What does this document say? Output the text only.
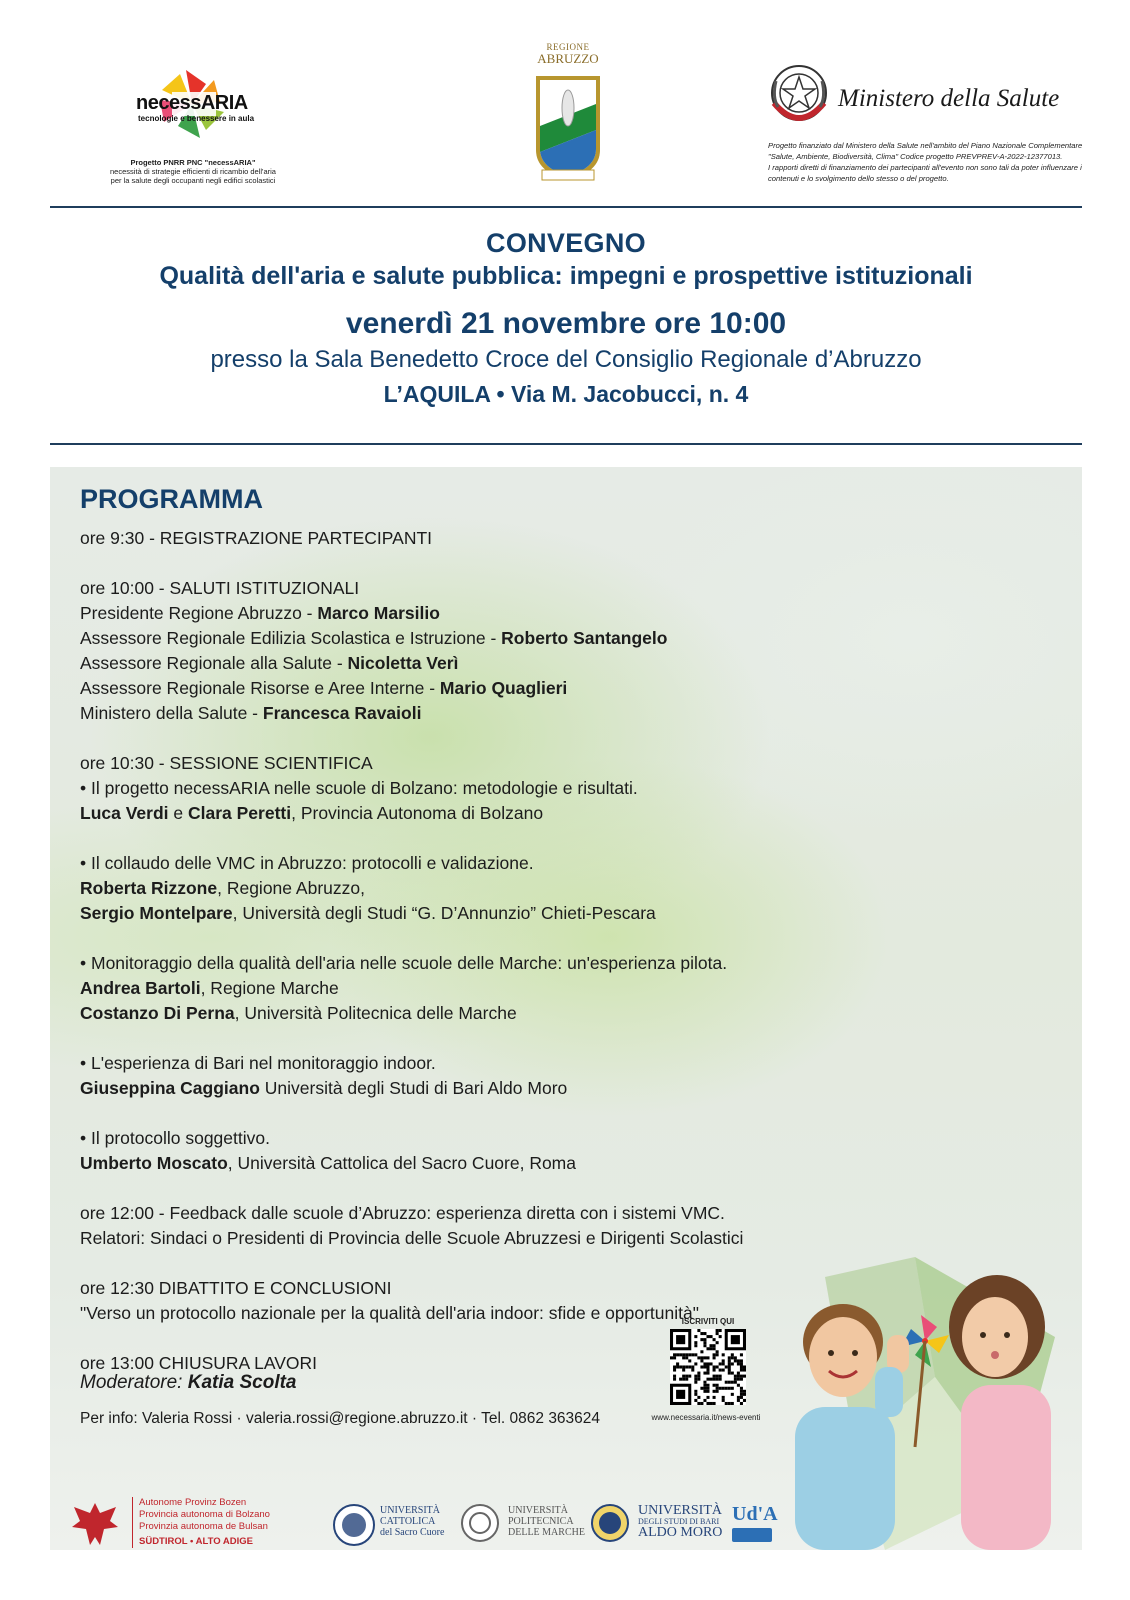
necessARIA
tecnologie e benessere in aula
Progetto PNRR PNC "necessARIA"
necessità di strategie efficienti di ricambio dell'aria
per la salute degli occupanti negli edifici scolastici
REGIONE
ABRUZZO
Ministero della Salute
Progetto finanziato dal Ministero della Salute nell'ambito del Piano Nazionale Complementare
"Salute, Ambiente, Biodiversità, Clima" Codice progetto PREVPREV-A-2022-12377013.
I rapporti diretti di finanziamento dei partecipanti all'evento non sono tali da poter influenzare i
contenuti e lo svolgimento dello stesso o del progetto.
CONVEGNO
Qualità dell'aria e salute pubblica: impegni e prospettive istituzionali
venerdì 21 novembre ore 10:00
presso la Sala Benedetto Croce del Consiglio Regionale d’Abruzzo
L’AQUILA • Via M. Jacobucci, n. 4
PROGRAMMA
ore 9:30 - REGISTRAZIONE PARTECIPANTI
ore 10:00 - SALUTI ISTITUZIONALI
Presidente Regione Abruzzo - Marco Marsilio
Assessore Regionale Edilizia Scolastica e Istruzione - Roberto Santangelo
Assessore Regionale alla Salute - Nicoletta Verì
Assessore Regionale Risorse e Aree Interne - Mario Quaglieri
Ministero della Salute - Francesca Ravaioli
ore 10:30 - SESSIONE SCIENTIFICA
• Il progetto necessARIA nelle scuole di Bolzano: metodologie e risultati.
Luca Verdi e Clara Peretti, Provincia Autonoma di Bolzano
• Il collaudo delle VMC in Abruzzo: protocolli e validazione.
Roberta Rizzone, Regione Abruzzo,
Sergio Montelpare, Università degli Studi “G. D’Annunzio” Chieti-Pescara
• Monitoraggio della qualità dell'aria nelle scuole delle Marche: un'esperienza pilota.
Andrea Bartoli, Regione Marche
Costanzo Di Perna, Università Politecnica delle Marche
• L'esperienza di Bari nel monitoraggio indoor.
Giuseppina Caggiano Università degli Studi di Bari Aldo Moro
• Il protocollo soggettivo.
Umberto Moscato, Università Cattolica del Sacro Cuore, Roma
ore 12:00 - Feedback dalle scuole d’Abruzzo: esperienza diretta con i sistemi VMC.
Relatori: Sindaci o Presidenti di Provincia delle Scuole Abruzzesi e Dirigenti Scolastici
ore 12:30 DIBATTITO E CONCLUSIONI
"Verso un protocollo nazionale per la qualità dell'aria indoor: sfide e opportunità"
ore 13:00 CHIUSURA LAVORI
Moderatore: Katia Scolta
Per info: Valeria Rossi · valeria.rossi@regione.abruzzo.it · Tel. 0862 363624
ISCRIVITI QUI
www.necessaria.it/news-eventi
Autonome Provinz Bozen
Provincia autonoma di Bolzano
Provinzia autonoma de Bulsan
SÜDTIROL • ALTO ADIGE
UNIVERSITÀ
CATTOLICA
del Sacro Cuore
UNIVERSITÀ
POLITECNICA
DELLE MARCHE
UNIVERSITÀ
DEGLI STUDI DI BARI
ALDO MORO
Ud'A
